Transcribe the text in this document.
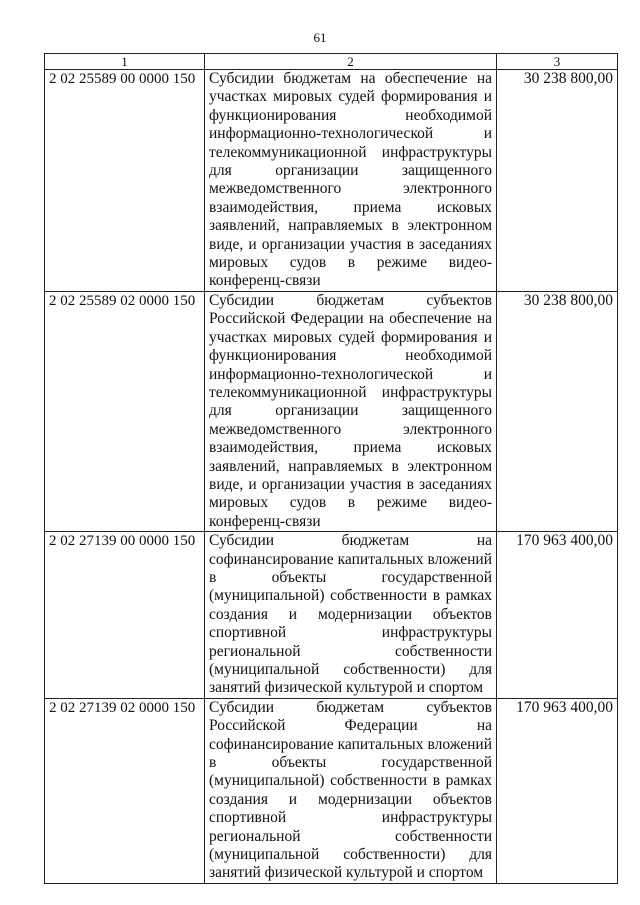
61
1	2	3
2 02 25589 00 0000 150	Субсидии бюджетам на обеспечение на участках мировых судей формирования и функционирования необходимой информационно-технологической и телекоммуникационной инфраструктуры для организации защищенного межведомственного электронного взаимодействия, приема исковых заявлений, направляемых в электронном виде, и организации участия в заседаниях мировых судов в режиме видео-конференц-связи	30 238 800,00
2 02 25589 02 0000 150	Субсидии бюджетам субъектов Российской Федерации на обеспечение на участках мировых судей формирования и функционирования необходимой информационно-технологической и телекоммуникационной инфраструктуры для организации защищенного межведомственного электронного взаимодействия, приема исковых заявлений, направляемых в электронном виде, и организации участия в заседаниях мировых судов в режиме видео-конференц-связи	30 238 800,00
2 02 27139 00 0000 150	Субсидии бюджетам на софинансирование капитальных вложений в объекты государственной (муниципальной) собственности в рамках создания и модернизации объектов спортивной инфраструктуры региональной собственности (муниципальной собственности) для занятий физической культурой и спортом	170 963 400,00
2 02 27139 02 0000 150	Субсидии бюджетам субъектов Российской Федерации на софинансирование капитальных вложений в объекты государственной (муниципальной) собственности в рамках создания и модернизации объектов спортивной инфраструктуры региональной собственности (муниципальной собственности) для занятий физической культурой и спортом	170 963 400,00
